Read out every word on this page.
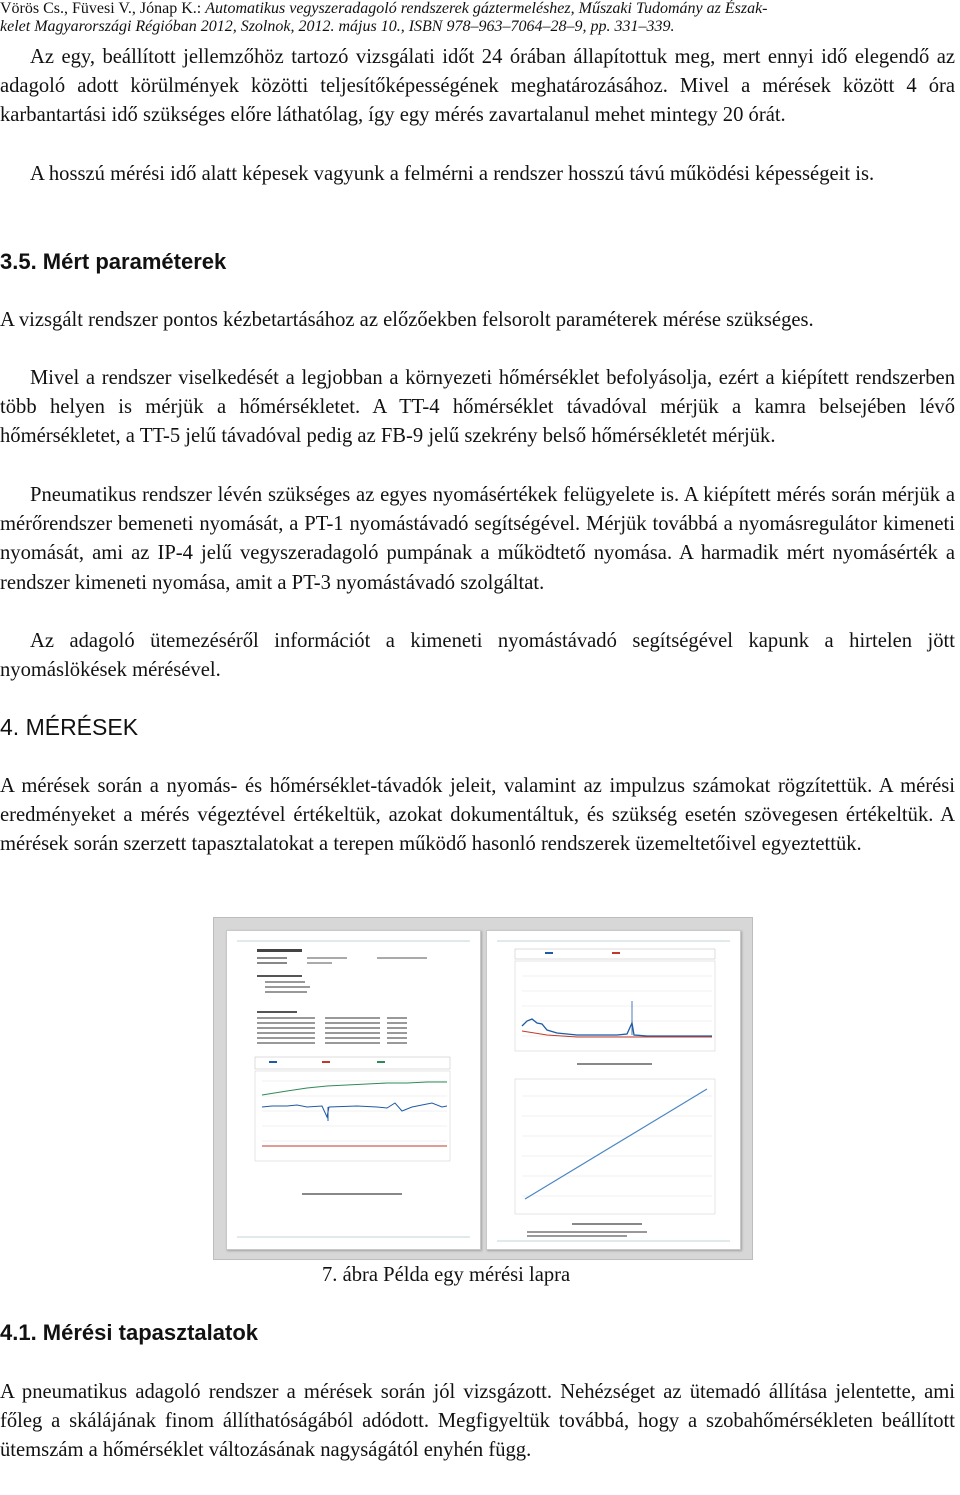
Vörös Cs., Füvesi V., Jónap K.: Automatikus vegyszeradagoló rendszerek gáztermeléshez, Műszaki Tudomány az Észak-
kelet Magyarországi Régióban 2012, Szolnok, 2012. május 10., ISBN 978–963–7064–28–9, pp. 331–339.

Az egy, beállított jellemzőhöz tartozó vizsgálati időt 24 órában állapítottuk meg, mert ennyi idő elegendő az adagoló adott körülmények közötti teljesítőképességének meghatározásához. Mivel a mérések között 4 óra karbantartási idő szükséges előre láthatólag, így egy mérés zavartalanul mehet mintegy 20 órát.

A hosszú mérési idő alatt képesek vagyunk a felmérni a rendszer hosszú távú működési képességeit is.

3.5. Mért paraméterek

A vizsgált rendszer pontos kézbetartásához az előzőekben felsorolt paraméterek mérése szükséges.

Mivel a rendszer viselkedését a legjobban a környezeti hőmérséklet befolyásolja, ezért a kiépített rendszerben több helyen is mérjük a hőmérsékletet. A TT-4 hőmérséklet távadóval mérjük a kamra belsejében lévő hőmérsékletet, a TT-5 jelű távadóval pedig az FB-9 jelű szekrény belső hőmérsékletét mérjük.

Pneumatikus rendszer lévén szükséges az egyes nyomásértékek felügyelete is. A kiépített mérés során mérjük a mérőrendszer bemeneti nyomását, a PT-1 nyomástávadó segítségével. Mérjük továbbá a nyomásregulátor kimeneti nyomását, ami az IP-4 jelű vegyszeradagoló pumpának a működtető nyomása. A harmadik mért nyomásérték a rendszer kimeneti nyomása, amit a PT-3 nyomástávadó szolgáltat.

Az adagoló ütemezéséről információt a kimeneti nyomástávadó segítségével kapunk a hirtelen jött nyomáslökések mérésével.

4. MÉRÉSEK

A mérések során a nyomás- és hőmérséklet-távadók jeleit, valamint az impulzus számokat rögzítettük. A mérési eredményeket a mérés végeztével értékeltük, azokat dokumentáltuk, és szükség esetén szövegesen értékeltük. A mérések során szerzett tapasztalatokat a terepen működő hasonló rendszerek üzemeltetőivel egyeztettük.

7. ábra Példa egy mérési lapra
4.1. Mérési tapasztalatok

A pneumatikus adagoló rendszer a mérések során jól vizsgázott. Nehézséget az ütemadó állítása jelentette, ami főleg a skálájának finom állíthatóságából adódott. Megfigyeltük továbbá, hogy a szobahőmérsékleten beállított ütemszám a hőmérséklet változásának nagyságától enyhén függ.
